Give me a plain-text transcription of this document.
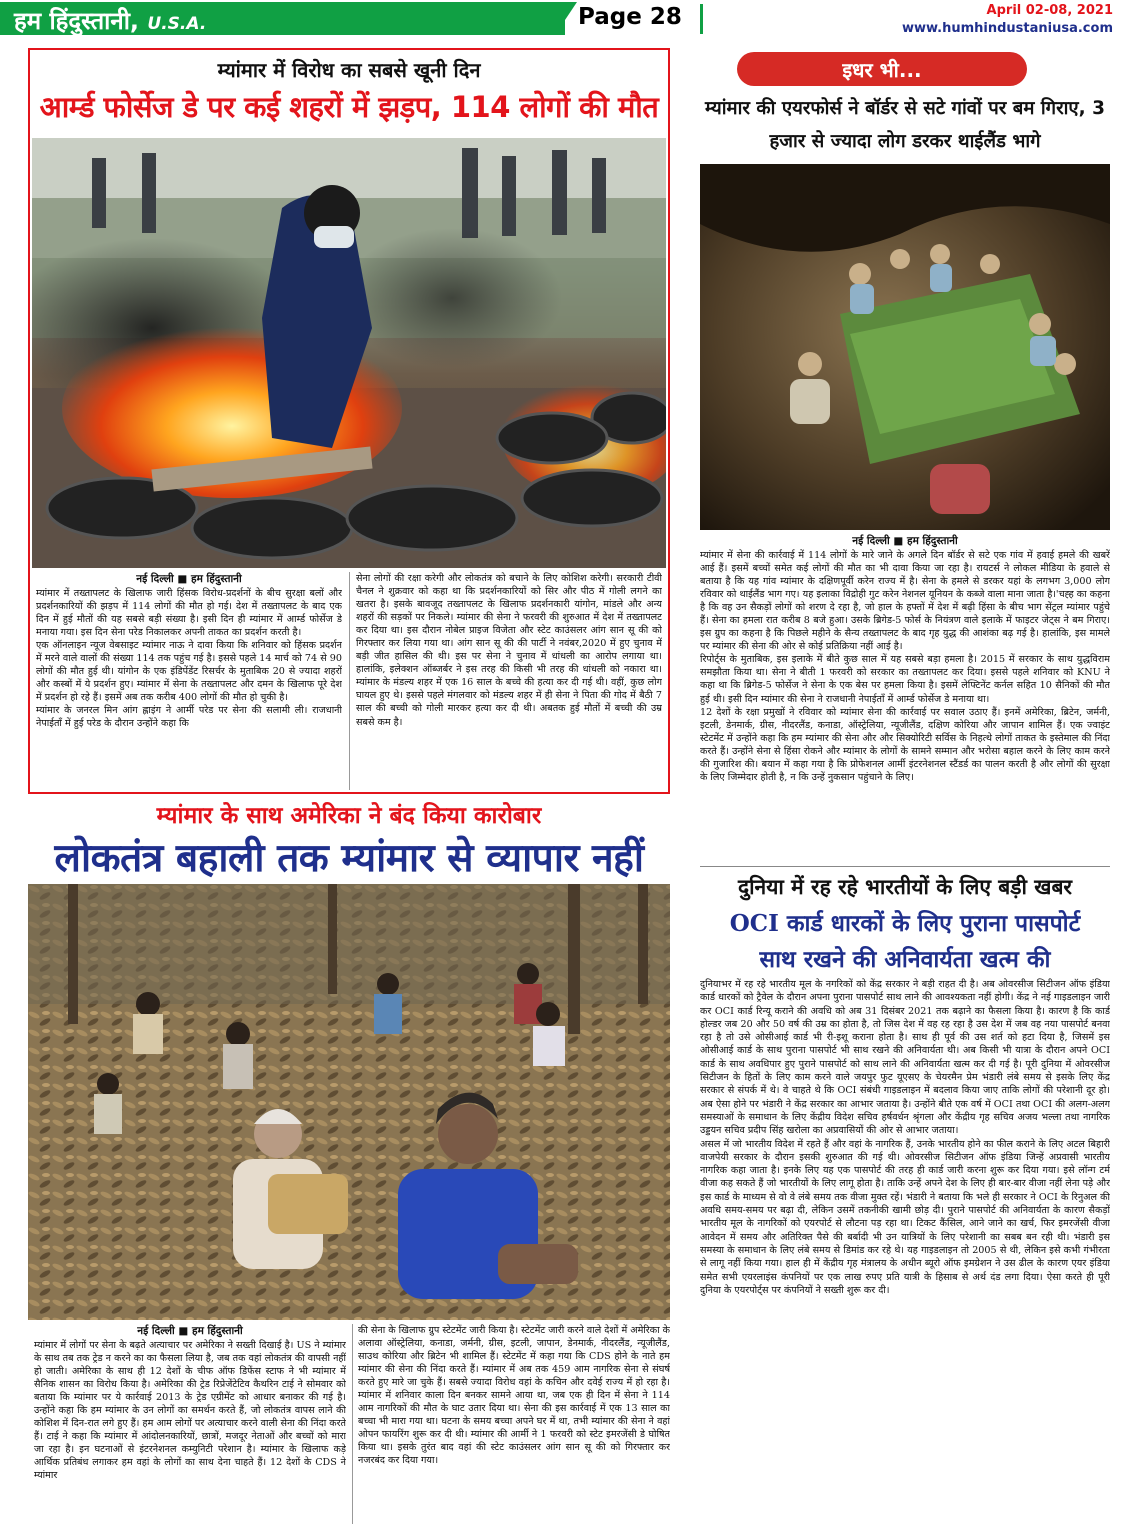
हम हिंदुस्तानी, U.S.A.	Page 28	April 02-08, 2021
www.humhindustaniusa.com
म्यांमार में विरोध का सबसे खूनी दिन
आर्म्ड फोर्सेज डे पर कई शहरों में झड़प, 114 लोगों की मौत
नई दिल्ली ■ हम हिंदुस्तानी
म्यांमार में तख्तापलट के खिलाफ जारी हिंसक विरोध-प्रदर्शनों के बीच सुरक्षा बलों और प्रदर्शनकारियों की झड़प में 114 लोगों की मौत हो गई। देश में तख्तापलट के बाद एक दिन में हुई मौतों की यह सबसे बड़ी संख्या है। इसी दिन ही म्यांमार में आर्म्ड फोर्सेज डे मनाया गया। इस दिन सेना परेड निकालकर अपनी ताकत का प्रदर्शन करती है।
एक ऑनलाइन न्यूज वेबसाइट म्यांमार नाऊ ने दावा किया कि शनिवार को हिंसक प्रदर्शन में मरने वाले वालों की संख्या 114 तक पहुंच गई है। इससे पहले 14 मार्च को 74 से 90 लोगों की मौत हुई थी। यांगोन के एक इंडिपेंडेंट रिसर्चर के मुताबिक 20 से ज्यादा शहरों और कस्बों में ये प्रदर्शन हुए। म्यांमार में सेना के तख्तापलट और दमन के खिलाफ पूरे देश में प्रदर्शन हो रहे हैं। इसमें अब तक करीब 400 लोगों की मौत हो चुकी है।
म्यांमार के जनरल मिन आंग ह्लाइंग ने आर्मी परेड पर सेना की सलामी ली। राजधानी नेपाईताँ में हुई परेड के दौरान उन्होंने कहा कि
सेना लोगों की रक्षा करेगी और लोकतंत्र को बचाने के लिए कोशिश करेगी। सरकारी टीवी चैनल ने शुक्रवार को कहा था कि प्रदर्शनकारियों को सिर और पीठ में गोली लगने का खतरा है। इसके बावजूद तख्तापलट के खिलाफ प्रदर्शनकारी यांगोन, मांडले और अन्य शहरों की सड़कों पर निकले। म्यांमार की सेना ने फरवरी की शुरुआत में देश में तख्तापलट कर दिया था। इस दौरान नोबेल प्राइज विजेता और स्टेट काउंसलर आंग सान सू की को गिरफ्तार कर लिया गया था। आंग सान सू की की पार्टी ने नवंबर,2020 में हुए चुनाव में बड़ी जीत हासिल की थी। इस पर सेना ने चुनाव में धांधली का आरोप लगाया था। हालांकि, इलेक्शन ऑब्जर्बर ने इस तरह की किसी भी तरह की धांधली को नकारा था। म्यांमार के मंडल्य शहर में एक 16 साल के बच्चे की हत्या कर दी गई थी। वहीं, कुछ लोग घायल हुए थे। इससे पहले मंगलवार को मंडल्य शहर में ही सेना ने पिता की गोद में बैठी 7 साल की बच्ची को गोली मारकर हत्या कर दी थी। अबतक हुई मौतों में बच्ची की उम्र सबसे कम है।
म्यांमार के साथ अमेरिका ने बंद किया कारोबार
लोकतंत्र बहाली तक म्यांमार से व्यापार नहीं
नई दिल्ली ■ हम हिंदुस्तानी
म्यांमार में लोगों पर सेना के बढ़ते अत्याचार पर अमेरिका ने सख्ती दिखाई है। US ने म्यांमार के साथ तब तक ट्रेड न करने का का फैसला लिया है, जब तक वहां लोकतंत्र की वापसी नहीं हो जाती। अमेरिका के साथ ही 12 देशों के चीफ ऑफ डिफेंस स्टाफ ने भी म्यांमार में सैनिक शासन का विरोध किया है। अमेरिका की ट्रेड रिप्रेजेंटेटिव कैथरिन टाई ने सोमवार को बताया कि म्यांमार पर ये कार्रवाई 2013 के ट्रेड एग्रीमेंट को आधार बनाकर की गई है। उन्होंने कहा कि हम म्यांमार के उन लोगों का समर्थन करते हैं, जो लोकतंत्र वापस लाने की कोशिश में दिन-रात लगे हुए हैं। हम आम लोगों पर अत्याचार करने वाली सेना की निंदा करते हैं। टाई ने कहा कि म्यांमार में आंदोलनकारियों, छात्रों, मजदूर नेताओं और बच्चों को मारा जा रहा है। इन घटनाओं से इंटरनेशनल कम्युनिटी परेशान है। म्यांमार के खिलाफ कड़े आर्थिक प्रतिबंध लगाकर हम वहां के लोगों का साथ देना चाहते हैं। 12 देशों के CDS ने म्यांमार
की सेना के खिलाफ ग्रुप स्टेटमेंट जारी किया है। स्टेटमेंट जारी करने वाले देशों में अमेरिका के अलावा ऑस्ट्रेलिया, कनाडा, जर्मनी, ग्रीस, इटली, जापान, डेनमार्क, नीदरलैंड, न्यूजीलैंड, साउथ कोरिया और ब्रिटेन भी शामिल हैं। स्टेटमेंट में कहा गया कि CDS होने के नाते हम म्यांमार की सेना की निंदा करते हैं। म्यांमार में अब तक 459 आम नागरिक सेना से संघर्ष करते हुए मारे जा चुके हैं। सबसे ज्यादा विरोध वहां के कचिन और दवेई राज्य में हो रहा है। म्यांमार में शनिवार काला दिन बनकर सामने आया था, जब एक ही दिन में सेना ने 114 आम नागरिकों की मौत के घाट उतार दिया था। सेना की इस कार्रवाई में एक 13 साल का बच्चा भी मारा गया था। घटना के समय बच्चा अपने घर में था, तभी म्यांमार की सेना ने वहां ओपन फायरिंग शुरू कर दी थी। म्यांमार की आर्मी ने 1 फरवरी को स्टेट इमरजेंसी डे घोषित किया था। इसके तुरंत बाद वहां की स्टेट काउंसलर आंग सान सू की को गिरफ्तार कर नजरबंद कर दिया गया।
इधर भी...
म्यांमार की एयरफोर्स ने बॉर्डर से सटे गांवों पर बम गिराए, 3 हजार से ज्यादा लोग डरकर थाईलैंड भागे
नई दिल्ली ■ हम हिंदुस्तानी
म्यांमार में सेना की कार्रवाई में 114 लोगों के मारे जाने के अगले दिन बॉर्डर से सटे एक गांव में हवाई हमले की खबरें आई हैं। इसमें बच्चों समेत कई लोगों की मौत का भी दावा किया जा रहा है। रायटर्स ने लोकल मीडिया के हवाले से बताया है कि यह गांव म्यांमार के दक्षिणपूर्वी करेन राज्य में है। सेना के हमले से डरकर यहां के लगभग 3,000 लोग रविवार को थाईलैंड भाग गए। यह इलाका विद्रोही गुट करेन नेशनल यूनियन के कब्जे वाला माना जाता है।'चह्ह का कहना है कि वह उन सैकड़ों लोगों को शरण दे रहा है, जो हाल के हफ्तों में देश में बढ़ी हिंसा के बीच भाग सेंट्रल म्यांमार पहुंचे हैं। सेना का हमला रात करीब 8 बजे हुआ। उसके ब्रिगेड-5 फोर्स के नियंत्रण वाले इलाके में फाइटर जेट्स ने बम गिराए। इस ग्रुप का कहना है कि पिछले महीने के सैन्य तख्तापलट के बाद गृह युद्ध की आशंका बढ़ गई है। हालांकि, इस मामले पर म्यांमार की सेना की ओर से कोई प्रतिक्रिया नहीं आई है।
रिपोर्ट्स के मुताबिक, इस इलाके में बीते कुछ साल में यह सबसे बड़ा हमला है। 2015 में सरकार के साथ युद्धविराम समझौता किया था। सेना ने बीती 1 फरवरी को सरकार का तख्तापलट कर दिया। इससे पहले शनिवार को KNU ने कहा था कि ब्रिगेड-5 फोर्सेज ने सेना के एक बेस पर हमला किया है। इसमें लेफ्टिनेंट कर्नल सहित 10 सैनिकों की मौत हुई थी। इसी दिन म्यांमार की सेना ने राजधानी नेपाईताँ में आर्म्ड फोर्सेज डे मनाया था।
12 देशों के रक्षा प्रमुखों ने रविवार को म्यांमार सेना की कार्रवाई पर सवाल उठाए हैं। इनमें अमेरिका, ब्रिटेन, जर्मनी, इटली, डेनमार्क, ग्रीस, नीदरलैंड, कनाडा, ऑस्ट्रेलिया, न्यूजीलैंड, दक्षिण कोरिया और जापान शामिल हैं। एक ज्वाइंट स्टेटमेंट में उन्होंने कहा कि हम म्यांमार की सेना और और सिक्योरिटी सर्विस के निहत्थे लोगों ताकत के इस्तेमाल की निंदा करते हैं। उन्होंने सेना से हिंसा रोकने और म्यांमार के लोगों के सामने सम्मान और भरोसा बहाल करने के लिए काम करने की गुजारिश की। बयान में कहा गया है कि प्रोफेशनल आर्मी इंटरनेशनल स्टैंडर्ड का पालन करती है और लोगों की सुरक्षा के लिए जिम्मेदार होती है, न कि उन्हें नुकसान पहुंचाने के लिए।
दुनिया में रह रहे भारतीयों के लिए बड़ी खबर
OCI कार्ड धारकों के लिए पुराना पासपोर्ट
साथ रखने की अनिवार्यता खत्म की
दुनियाभर में रह रहे भारतीय मूल के नगरिकों को केंद्र सरकार ने बड़ी राहत दी है। अब ओवरसीज सिटीजन ऑफ इंडिया कार्ड धारकों को ट्रैवेल के दौरान अपना पुराना पासपोर्ट साथ लाने की आवश्यकता नहीं होगी। केंद्र ने नई गाइडलाइन जारी कर OCI कार्ड रिन्यू कराने की अवधि को अब 31 दिसंबर 2021 तक बढ़ाने का फैसला किया है। कारण है कि कार्ड होल्डर जब 20 और 50 वर्ष की उम्र का होता है, तो जिस देश में वह रह रहा है उस देश में जब वह नया पासपोर्ट बनवा रहा है तो उसे ओसीआई कार्ड भी री-इशू कराना होता है। साथ ही पूर्व की उस शर्त को हटा दिया है, जिसमें इस ओसीआई कार्ड के साथ पुराना पासपोर्ट भी साथ रखने की अनिवार्यता थी। अब किसी भी यात्रा के दौरान अपने OCI कार्ड के साथ अवधिपार हुए पुराने पासपोर्ट को साथ लाने की अनिवार्यता खत्म कर दी गई है। पूरी दुनिया में ओवरसीज सिटीजन के हितों के लिए काम करने वाले जयपुर फुट यूएसए के चेयरमैन प्रेम भंडारी लंबे समय से इसके लिए केंद्र सरकार से संपर्क में थे। वे चाहते थे कि OCI संबंधी गाइडलाइन में बदलाव किया जाए ताकि लोगों की परेशानी दूर हो। अब ऐसा होने पर भंडारी ने केंद्र सरकार का आभार जताया है। उन्होंने बीते एक वर्ष में OCI तथा OCI की अलग-अलग समस्याओं के समाधान के लिए केंद्रीय विदेश सचिव हर्षवर्धन श्रृंगला और केंद्रीय गृह सचिव अजय भल्ला तथा नागरिक उड्डयन सचिव प्रदीप सिंह खरोला का अप्रवासियों की ओर से आभार जताया।
असल में जो भारतीय विदेश में रहते हैं और वहां के नागरिक हैं, उनके भारतीय होने का फील कराने के लिए अटल बिहारी वाजपेयी सरकार के दौरान इसकी शुरुआत की गई थी। ओवरसीज सिटीजन ऑफ इंडिया जिन्हें अप्रवासी भारतीय नागरिक कहा जाता है। इनके लिए यह एक पासपोर्ट की तरह ही कार्ड जारी करना शुरू कर दिया गया। इसे लॉन्ग टर्म वीजा कह सकते हैं जो भारतीयों के लिए लागू होता है। ताकि उन्हें अपने देश के लिए ही बार-बार वीजा नहीं लेना पड़े और इस कार्ड के माध्यम से वो वे लंबे समय तक वीजा मुक्त रहें। भंडारी ने बताया कि भले ही सरकार ने OCI के रिनुअल की अवधि समय-समय पर बढ़ा दी, लेकिन उसमें तकनीकी खामी छोड़ दी। पुराने पासपोर्ट की अनिवार्यता के कारण सैकड़ों भारतीय मूल के नागरिकों को एयरपोर्ट से लौटना पड़ रहा था। टिकट कैंसिल, आने जाने का खर्च, फिर इमरजेंसी वीजा आवेदन में समय और अतिरिक्त पैसे की बर्बादी भी उन यात्रियों के लिए परेशानी का सबब बन रही थी। भंडारी इस समस्या के समाधान के लिए लंबे समय से डिमांड कर रहे थे। यह गाइडलाइन तो 2005 से थी, लेकिन इसे कभी गंभीरता से लागू नहीं किया गया। हाल ही में केंद्रीय गृह मंत्रालय के अधीन ब्यूरो ऑफ इमग्रेशन ने उस ढील के कारण एयर इंडिया समेत सभी एयरलाइंस कंपनियों पर एक लाख रुपए प्रति यात्री के हिसाब से अर्थ दंड लगा दिया। ऐसा करते ही पूरी दुनिया के एयरपोर्ट्स पर कंपनियों ने सख्ती शुरू कर दी।
